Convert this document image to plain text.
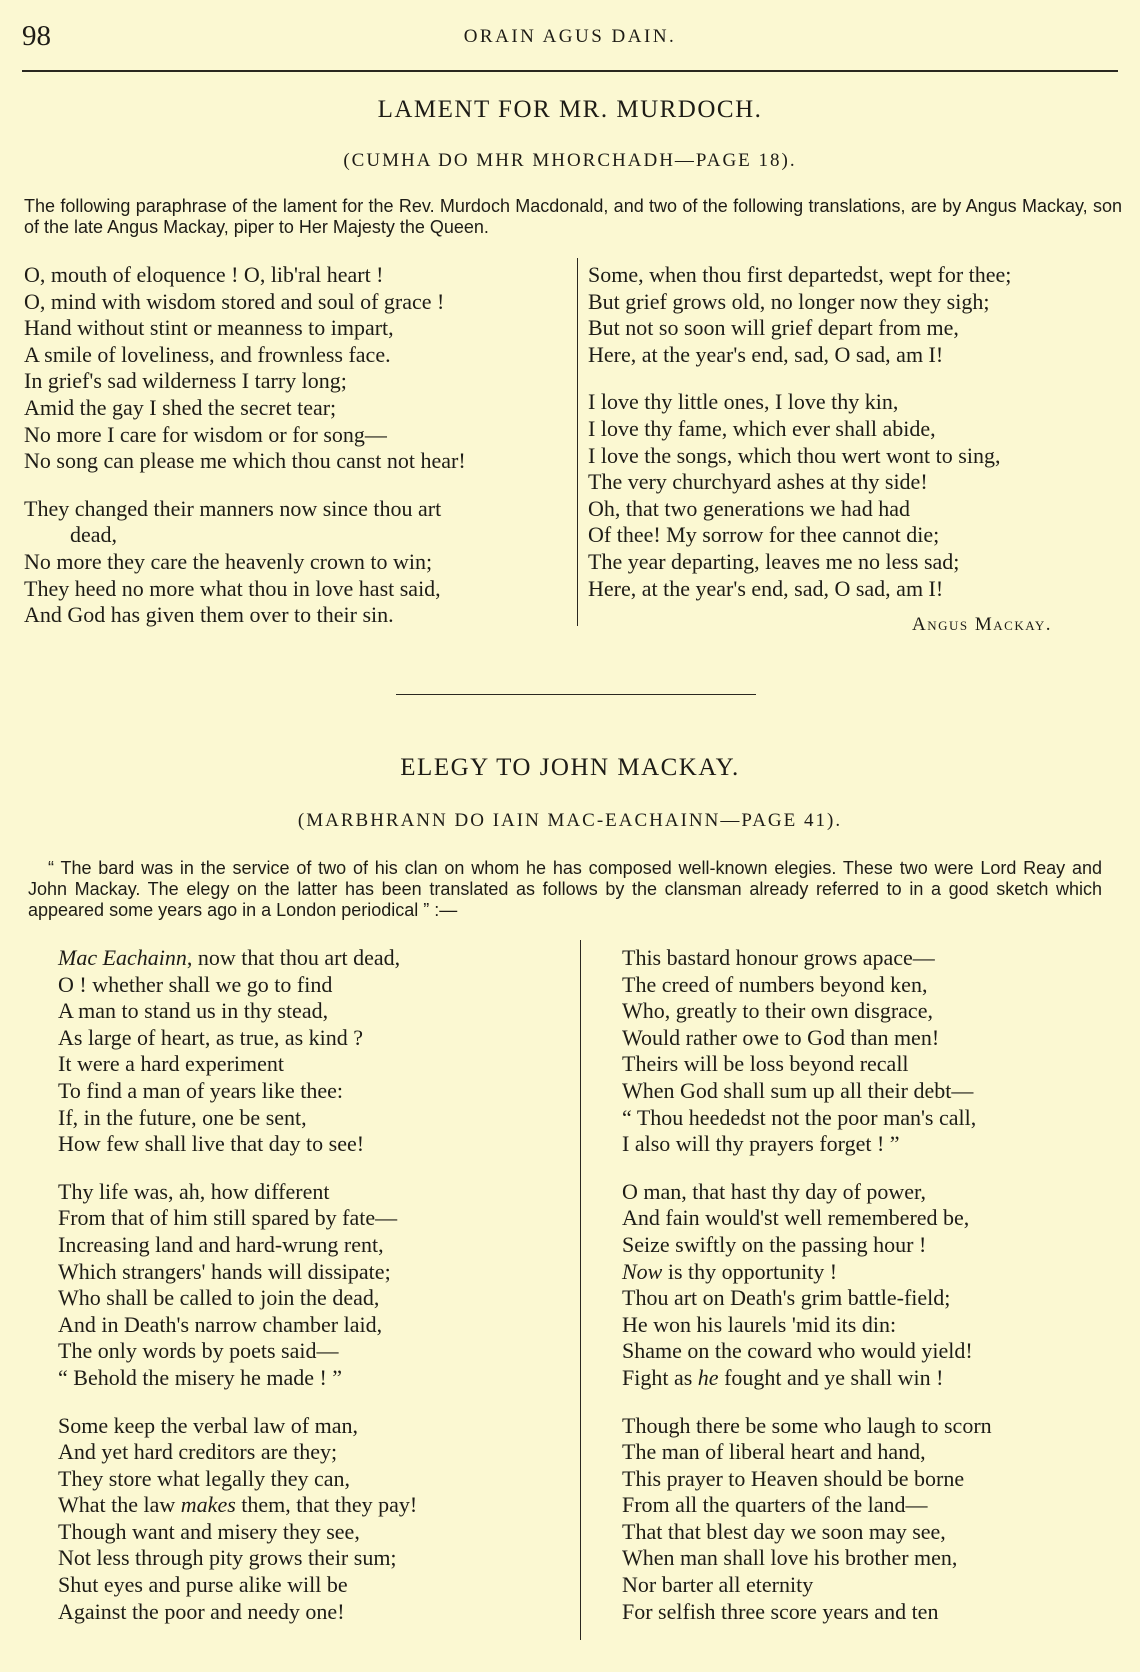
98	ORAIN AGUS DAIN.
LAMENT FOR MR. MURDOCH.
(CUMHA DO MHR MHORCHADH—PAGE 18).
The following paraphrase of the lament for the Rev. Murdoch Macdonald, and two of the following translations, are by Angus Mackay, son of the late Angus Mackay, piper to Her Majesty the Queen.
O, mouth of eloquence ! O, lib'ral heart !
O, mind with wisdom stored and soul of grace !
Hand without stint or meanness to impart,
A smile of loveliness, and frownless face.
In grief's sad wilderness I tarry long;
Amid the gay I shed the secret tear;
No more I care for wisdom or for song—
No song can please me which thou canst not hear!
They changed their manners now since thou art
dead,
No more they care the heavenly crown to win;
They heed no more what thou in love hast said,
And God has given them over to their sin.
Some, when thou first departedst, wept for thee;
But grief grows old, no longer now they sigh;
But not so soon will grief depart from me,
Here, at the year's end, sad, O sad, am I!
I love thy little ones, I love thy kin,
I love thy fame, which ever shall abide,
I love the songs, which thou wert wont to sing,
The very churchyard ashes at thy side!
Oh, that two generations we had had
Of thee! My sorrow for thee cannot die;
The year departing, leaves me no less sad;
Here, at the year's end, sad, O sad, am I!
Angus Mackay.
ELEGY TO JOHN MACKAY.
(MARBHRANN DO IAIN MAC-EACHAINN—PAGE 41).
“ The bard was in the service of two of his clan on whom he has composed well-known elegies. These two were Lord Reay and John Mackay. The elegy on the latter has been translated as follows by the clansman already referred to in a good sketch which appeared some years ago in a London periodical ” :—
Mac Eachainn, now that thou art dead,
O ! whether shall we go to find
A man to stand us in thy stead,
As large of heart, as true, as kind ?
It were a hard experiment
To find a man of years like thee:
If, in the future, one be sent,
How few shall live that day to see!
Thy life was, ah, how different
From that of him still spared by fate—
Increasing land and hard-wrung rent,
Which strangers' hands will dissipate;
Who shall be called to join the dead,
And in Death's narrow chamber laid,
The only words by poets said—
“ Behold the misery he made ! ”
Some keep the verbal law of man,
And yet hard creditors are they;
They store what legally they can,
What the law makes them, that they pay!
Though want and misery they see,
Not less through pity grows their sum;
Shut eyes and purse alike will be
Against the poor and needy one!
This bastard honour grows apace—
The creed of numbers beyond ken,
Who, greatly to their own disgrace,
Would rather owe to God than men!
Theirs will be loss beyond recall
When God shall sum up all their debt—
“ Thou heededst not the poor man's call,
I also will thy prayers forget ! ”
O man, that hast thy day of power,
And fain would'st well remembered be,
Seize swiftly on the passing hour !
Now is thy opportunity !
Thou art on Death's grim battle-field;
He won his laurels 'mid its din:
Shame on the coward who would yield!
Fight as he fought and ye shall win !
Though there be some who laugh to scorn
The man of liberal heart and hand,
This prayer to Heaven should be borne
From all the quarters of the land—
That that blest day we soon may see,
When man shall love his brother men,
Nor barter all eternity
For selfish three score years and ten
